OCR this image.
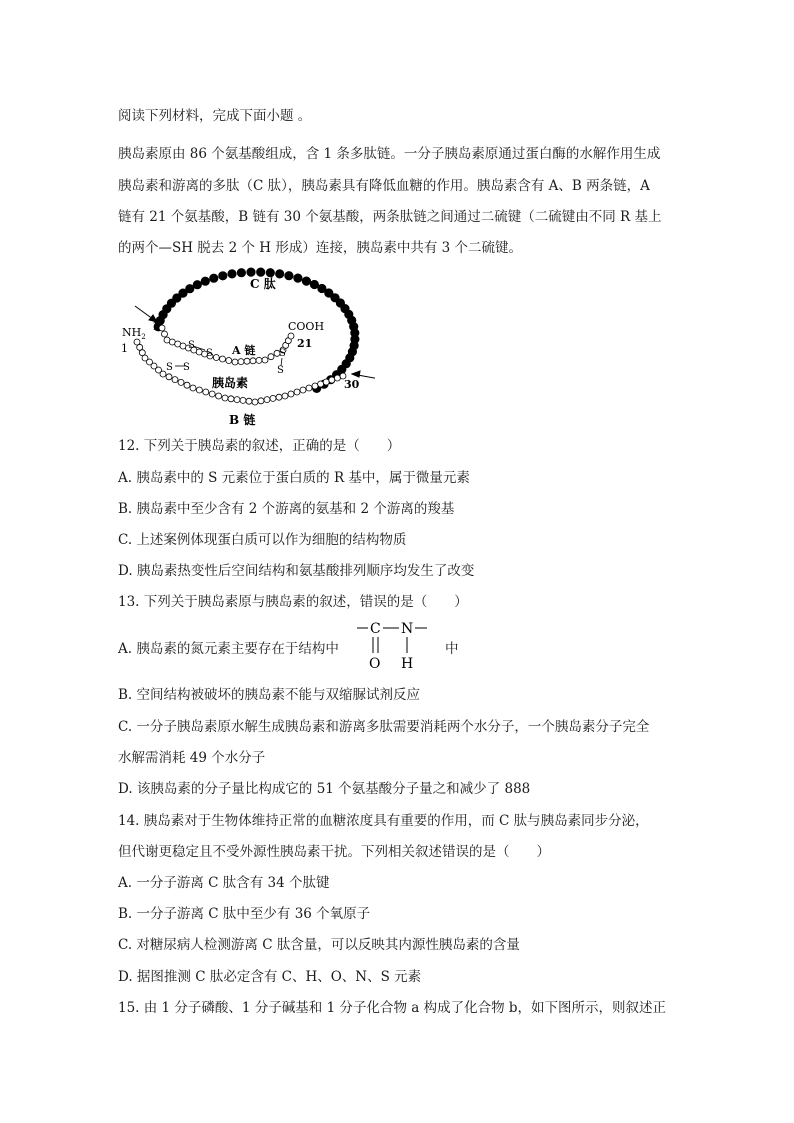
阅读下列材料，完成下面小题 。
胰岛素原由 86 个氨基酸组成，含 1 条多肽链。一分子胰岛素原通过蛋白酶的水解作用生成
胰岛素和游离的多肽（C 肽），胰岛素具有降低血糖的作用。胰岛素含有 A、B 两条链，A
链有 21 个氨基酸，B 链有 30 个氨基酸，两条肽链之间通过二硫键（二硫键由不同 R 基上
的两个—SH 脱去 2 个 H 形成）连接，胰岛素中共有 3 个二硫键。
C 肽
$NH_2$
1
1
COOH
21
A 链
胰岛素
B 链
30
S
S
S S
S
S
12. 下列关于胰岛素的叙述，正确的是（　　）
A. 胰岛素中的 S 元素位于蛋白质的 R 基中，属于微量元素
B. 胰岛素中至少含有 2 个游离的氨基和 2 个游离的羧基
C. 上述案例体现蛋白质可以作为细胞的结构物质
D. 胰岛素热变性后空间结构和氨基酸排列顺序均发生了改变
13. 下列关于胰岛素原与胰岛素的叙述，错误的是（　　）
A. 胰岛素的氮元素主要存在于结构中
C N
O H
中
B. 空间结构被破坏的胰岛素不能与双缩脲试剂反应
C. 一分子胰岛素原水解生成胰岛素和游离多肽需要消耗两个水分子，一个胰岛素分子完全
水解需消耗 49 个水分子
D. 该胰岛素的分子量比构成它的 51 个氨基酸分子量之和减少了 888
14. 胰岛素对于生物体维持正常的血糖浓度具有重要的作用，而 C 肽与胰岛素同步分泌，
但代谢更稳定且不受外源性胰岛素干扰。下列相关叙述错误的是（　　）
A. 一分子游离 C 肽含有 34 个肽键
B. 一分子游离 C 肽中至少有 36 个氧原子
C. 对糖尿病人检测游离 C 肽含量，可以反映其内源性胰岛素的含量
D. 据图推测 C 肽必定含有 C、H、O、N、S 元素
15. 由 1 分子磷酸、1 分子碱基和 1 分子化合物 a 构成了化合物 b，如下图所示，则叙述正
